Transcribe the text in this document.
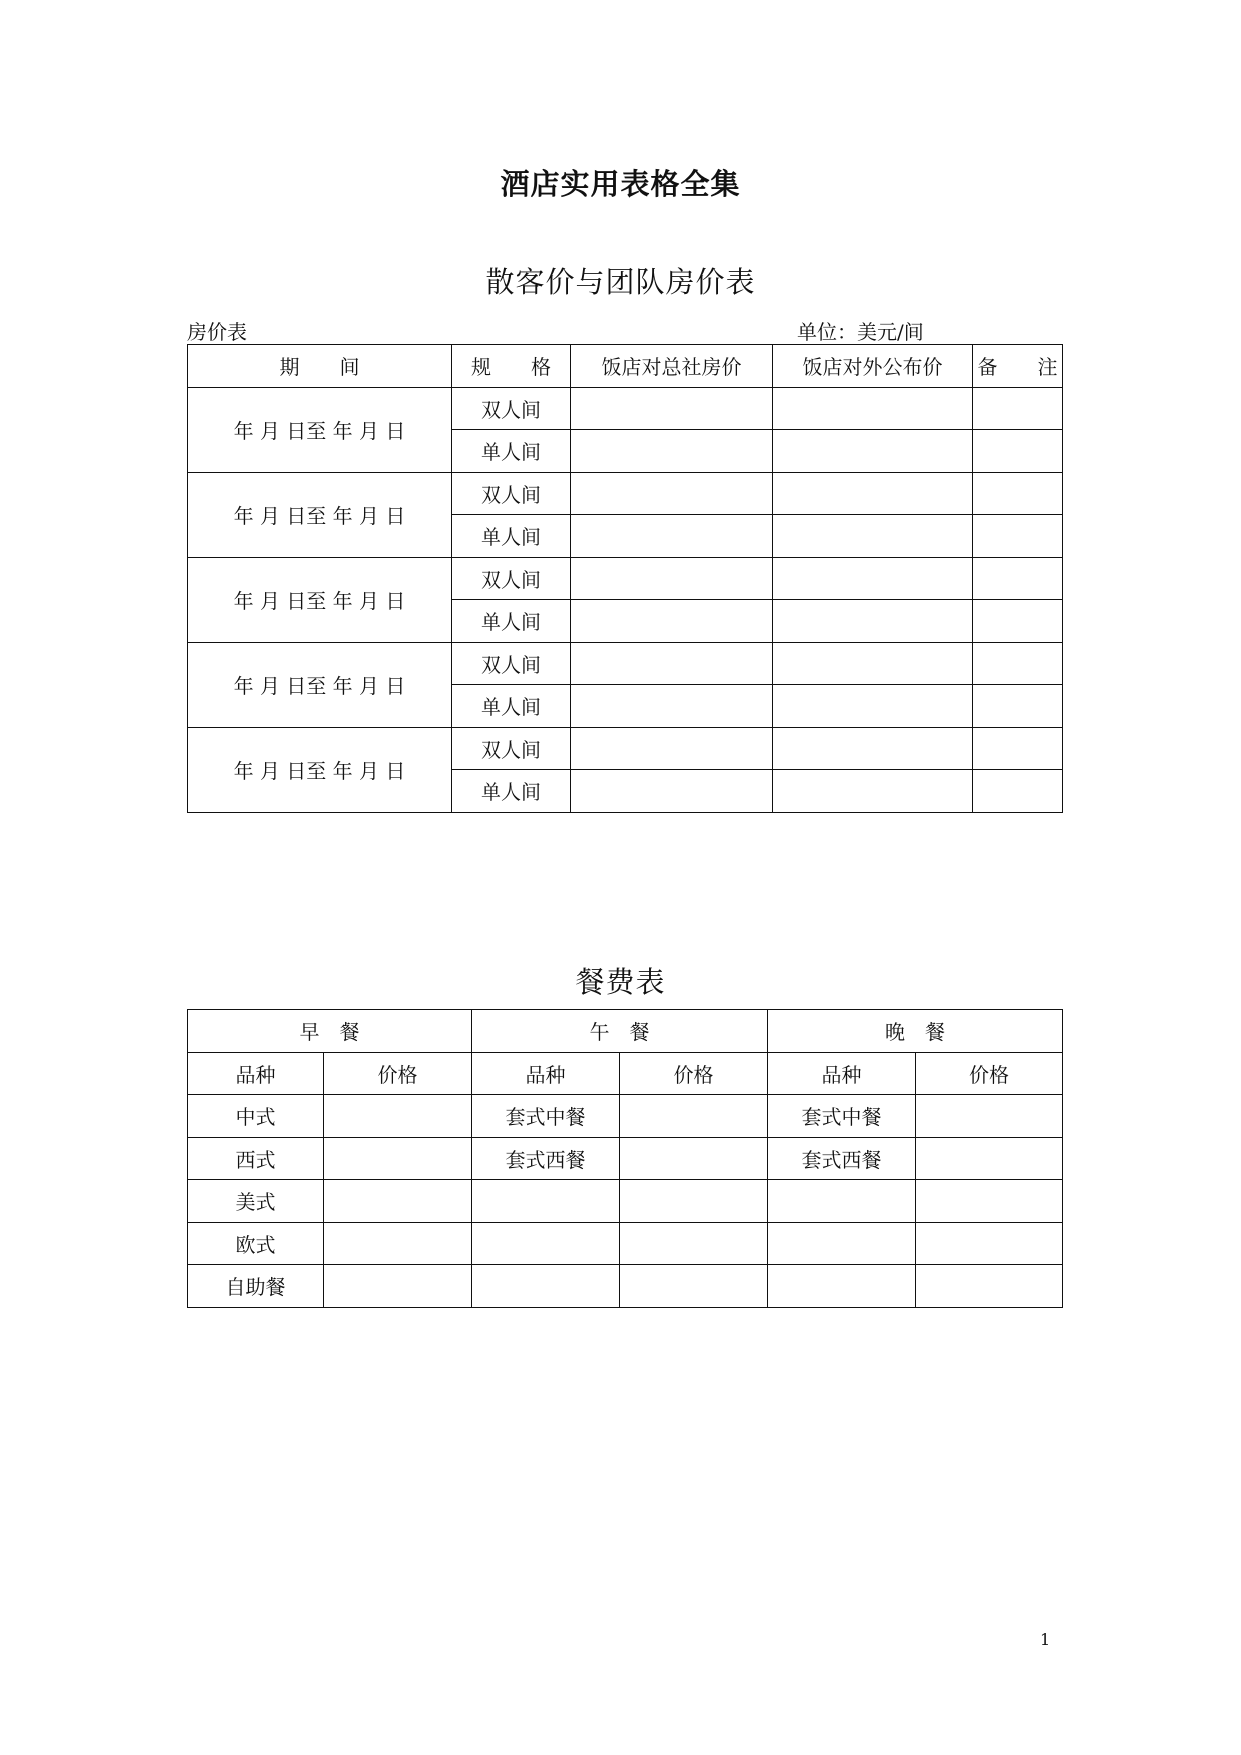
酒店实用表格全集
散客价与团队房价表
房价表	单位：美元/间
期　　间	规　　格	饭店对总社房价	饭店对外公布价	备　　注
年 月 日至 年 月 日	双人间			
	单人间			
年 月 日至 年 月 日	双人间			
	单人间			
年 月 日至 年 月 日	双人间			
	单人间			
年 月 日至 年 月 日	双人间			
	单人间			
年 月 日至 年 月 日	双人间			
	单人间			
餐费表
早　餐		午　餐		晚　餐	
品种	价格	品种	价格	品种	价格
中式		套式中餐		套式中餐	
西式		套式西餐		套式西餐	
美式					
欧式					
自助餐					
1
